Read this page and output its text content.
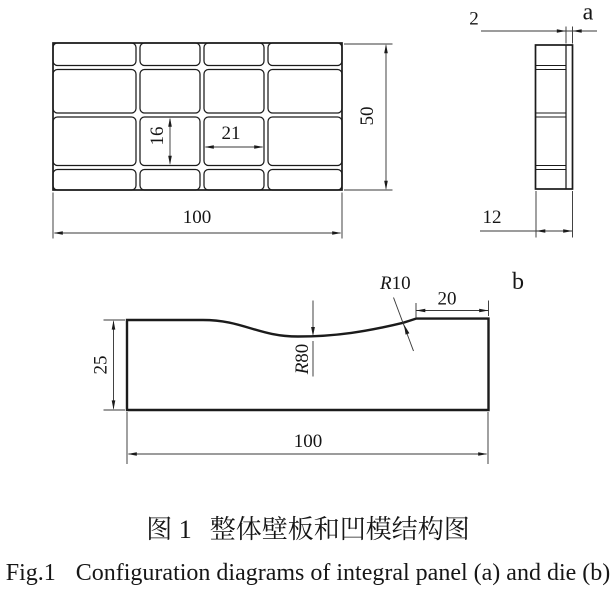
16	21
50
100
2
12
a
25
100
20
R80
R10	b
图 1 整体壁板和凹模结构图
Fig.1 Configuration diagrams of integral panel (a) and die (b)
